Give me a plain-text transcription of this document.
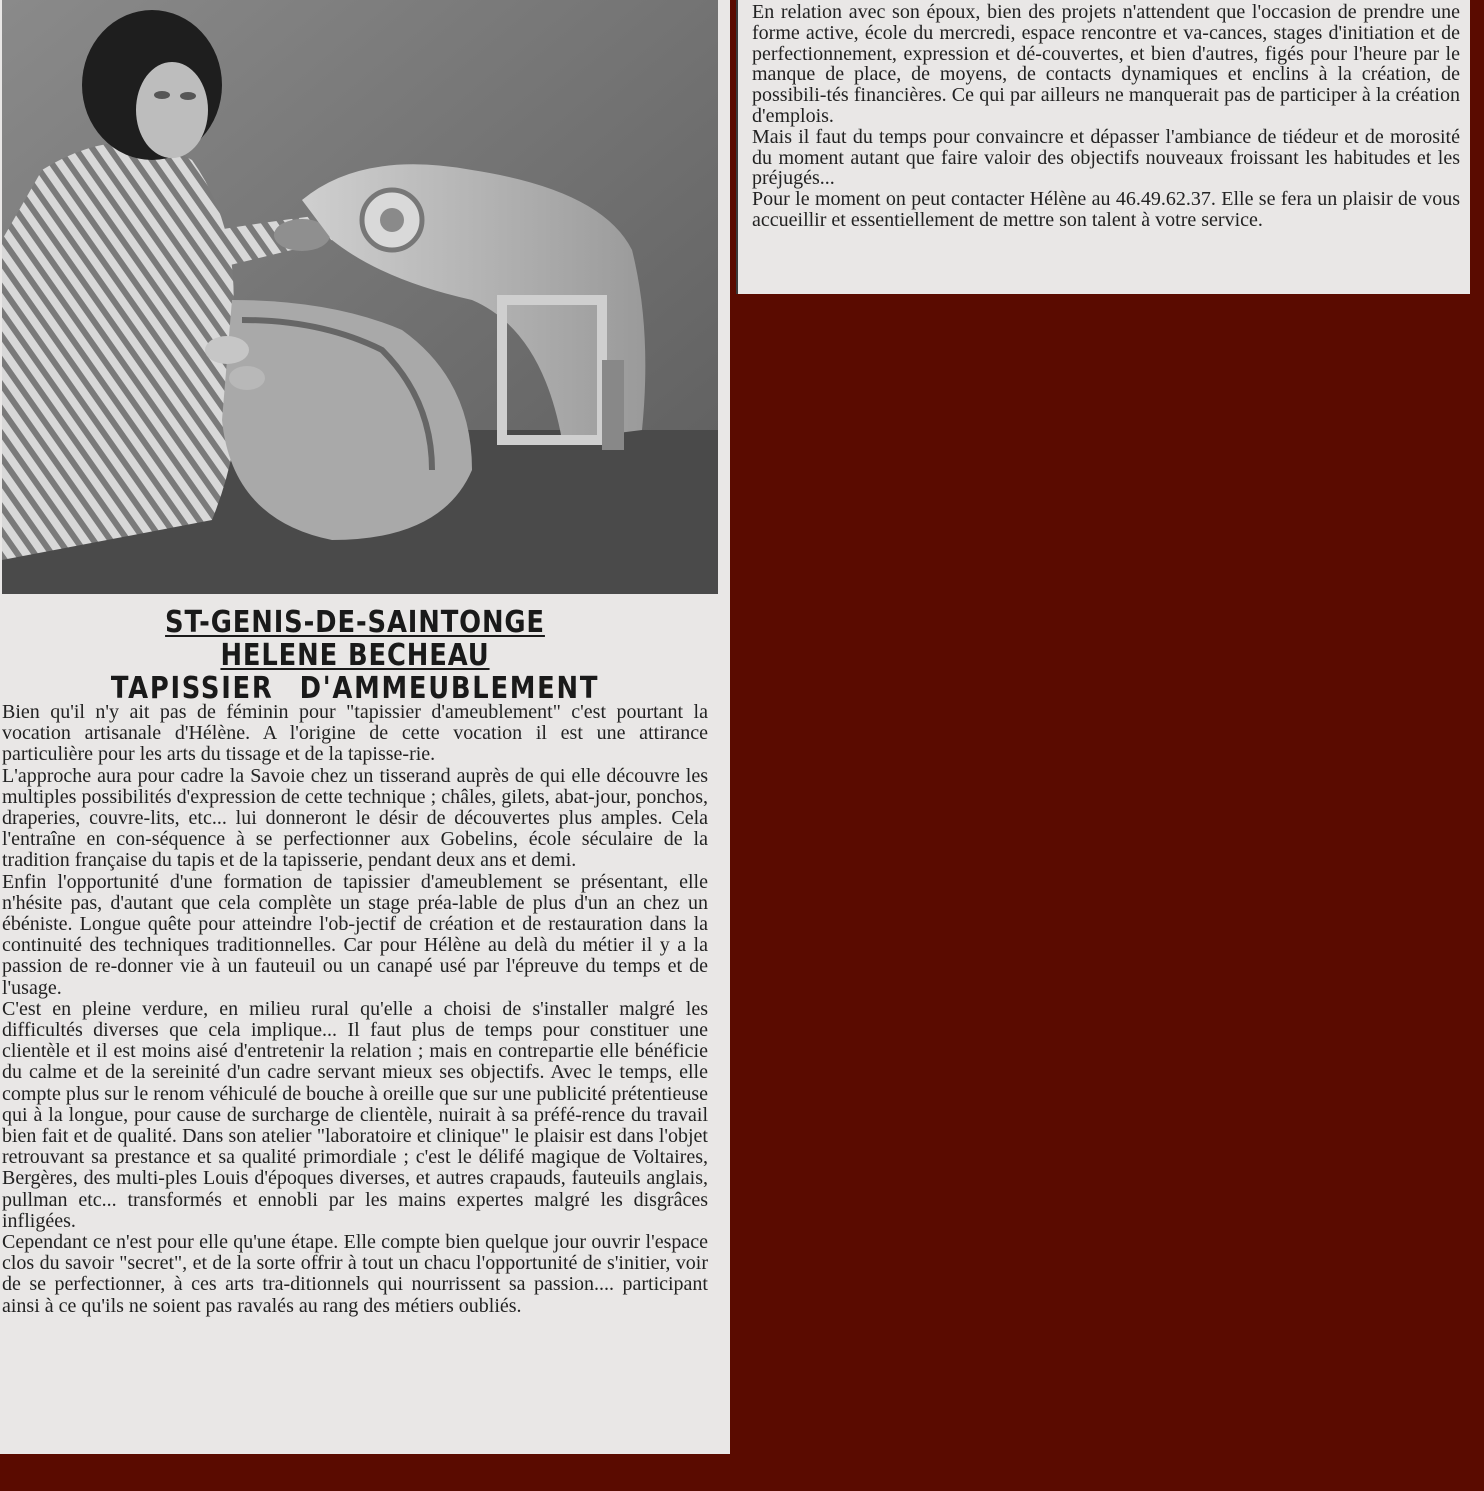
ST-GENIS-DE-SAINTONGE
HELENE BECHEAU
TAPISSIER D'AMMEUBLEMENT

Bien qu'il n'y ait pas de féminin pour "tapissier d'ameublement" c'est pourtant la vocation artisanale d'Hélène. A l'origine de cette vocation il est une attirance particulière pour les arts du tissage et de la tapisse-rie.

L'approche aura pour cadre la Savoie chez un tisserand auprès de qui elle découvre les multiples possibilités d'expression de cette technique ; châles, gilets, abat-jour, ponchos, draperies, couvre-lits, etc... lui donneront le désir de découvertes plus amples. Cela l'entraîne en con-séquence à se perfectionner aux Gobelins, école séculaire de la tradition française du tapis et de la tapisserie, pendant deux ans et demi.

Enfin l'opportunité d'une formation de tapissier d'ameublement se présentant, elle n'hésite pas, d'autant que cela complète un stage préa-lable de plus d'un an chez un ébéniste. Longue quête pour atteindre l'ob-jectif de création et de restauration dans la continuité des techniques traditionnelles. Car pour Hélène au delà du métier il y a la passion de re-donner vie à un fauteuil ou un canapé usé par l'épreuve du temps et de l'usage.

C'est en pleine verdure, en milieu rural qu'elle a choisi de s'installer malgré les difficultés diverses que cela implique... Il faut plus de temps pour constituer une clientèle et il est moins aisé d'entretenir la relation ; mais en contrepartie elle bénéficie du calme et de la sereinité d'un cadre servant mieux ses objectifs. Avec le temps, elle compte plus sur le renom véhiculé de bouche à oreille que sur une publicité prétentieuse qui à la longue, pour cause de surcharge de clientèle, nuirait à sa préfé-rence du travail bien fait et de qualité. Dans son atelier "laboratoire et clinique" le plaisir est dans l'objet retrouvant sa prestance et sa qualité primordiale ; c'est le délifé magique de Voltaires, Bergères, des multi-ples Louis d'époques diverses, et autres crapauds, fauteuils anglais, pullman etc... transformés et ennobli par les mains expertes malgré les disgrâces infligées.

Cependant ce n'est pour elle qu'une étape. Elle compte bien quelque jour ouvrir l'espace clos du savoir "secret", et de la sorte offrir à tout un chacu l'opportunité de s'initier, voir de se perfectionner, à ces arts tra-ditionnels qui nourrissent sa passion.... participant ainsi à ce qu'ils ne soient pas ravalés au rang des métiers oubliés.

En relation avec son époux, bien des projets n'attendent que l'occasion de prendre une forme active, école du mercredi, espace rencontre et va-cances, stages d'initiation et de perfectionnement, expression et dé-couvertes, et bien d'autres, figés pour l'heure par le manque de place, de moyens, de contacts dynamiques et enclins à la création, de possibili-tés financières. Ce qui par ailleurs ne manquerait pas de participer à la création d'emplois.

Mais il faut du temps pour convaincre et dépasser l'ambiance de tiédeur et de morosité du moment autant que faire valoir des objectifs nouveaux froissant les habitudes et les préjugés...

Pour le moment on peut contacter Hélène au 46.49.62.37. Elle se fera un plaisir de vous accueillir et essentiellement de mettre son talent à votre service.
